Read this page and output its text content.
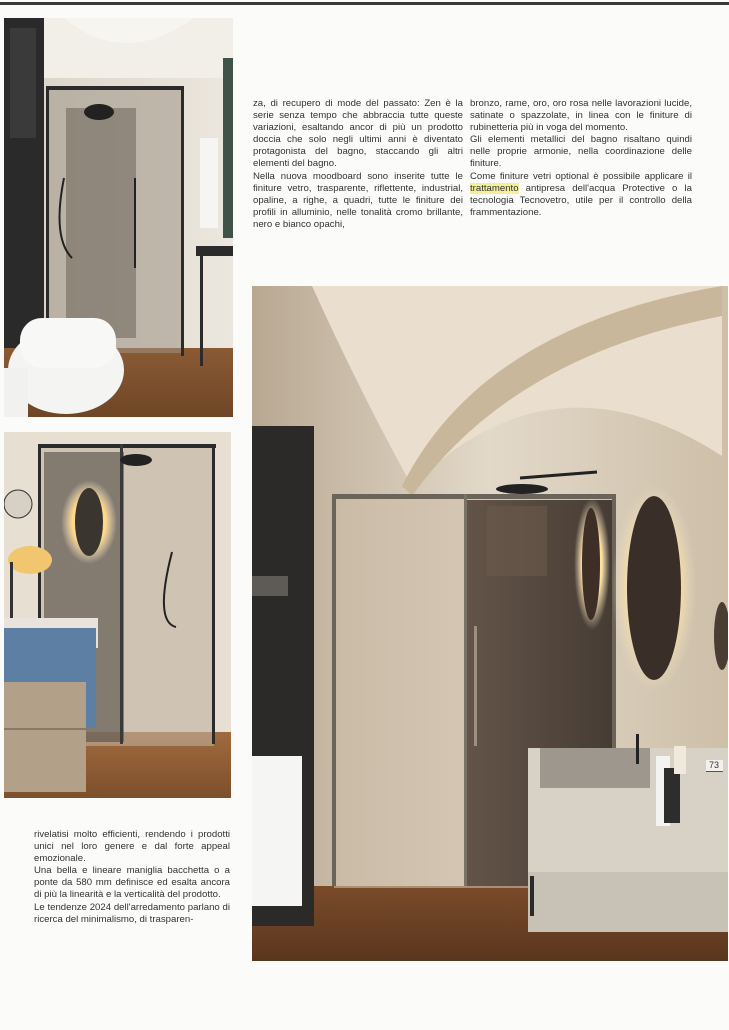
za, di recupero di mode del passato: Zen è la serie senza tempo che abbraccia tutte queste variazioni, esaltando ancor di più un prodotto doccia che solo negli ultimi anni è diventato protagonista del bagno, staccando gli altri elementi del bagno.

Nella nuova moodboard sono inserite tutte le finiture vetro, trasparente, riflettente, industrial, opaline, a righe, a quadri, tutte le finiture dei profili in alluminio, nelle tonalità cromo brillante, nero e bianco opachi,

bronzo, rame, oro, oro rosa nelle lavorazioni lucide, satinate o spazzolate, in linea con le finiture di rubinetteria più in voga del momento.

Gli elementi metallici del bagno risaltano quindi nelle proprie armonie, nella coordinazione delle finiture.

Come finiture vetri optional è possibile applicare il trattamento antipresa dell'acqua Protective o la tecnologia Tecnovetro, utile per il controllo della frammentazione.

rivelatisi molto efficienti, rendendo i prodotti unici nel loro genere e dal forte appeal emozionale.

Una bella e lineare maniglia bacchetta o a ponte da 580 mm definisce ed esalta ancora di più la linearità e la verticalità del prodotto.

Le tendenze 2024 dell'arredamento parlano di ricerca del minimalismo, di trasparen-

73
